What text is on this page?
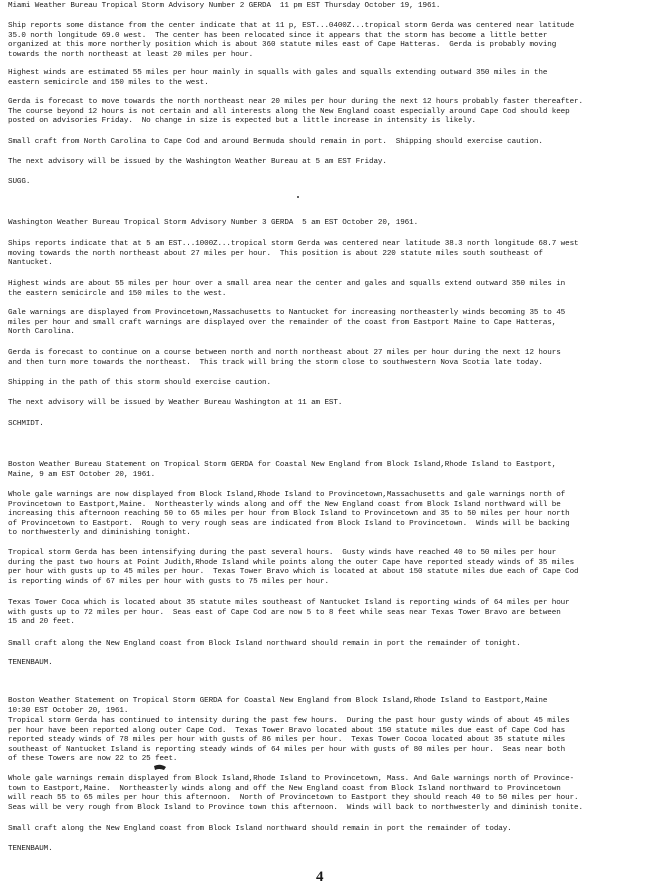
Miami Weather Bureau Tropical Storm Advisory Number 2 GERDA  11 pm EST Thursday October 19, 1961.

Ship reports some distance from the center indicate that at 11 p, EST...0400Z...tropical storm Gerda was centered near latitude
35.0 north longitude 69.0 west.  The center has been relocated since it appears that the storm has become a little better
organized at this more northerly position which is about 360 statute miles east of Cape Hatteras.  Gerda is probably moving
towards the north northeast at least 20 miles per hour.

Highest winds are estimated 55 miles per hour mainly in squalls with gales and squalls extending outward 350 miles in the
eastern semicircle and 150 miles to the west.

Gerda is forecast to move towards the north northeast near 20 miles per hour during the next 12 hours probably faster thereafter.
The course beyond 12 hours is not certain and all interests along the New England coast especially around Cape Cod should keep
posted on advisories Friday.  No change in size is expected but a little increase in intensity is likely.

Small craft from North Carolina to Cape Cod and around Bermuda should remain in port.  Shipping should exercise caution.

The next advisory will be issued by the Washington Weather Bureau at 5 am EST Friday.

SUGG.

Washington Weather Bureau Tropical Storm Advisory Number 3 GERDA  5 am EST October 20, 1961.

Ships reports indicate that at 5 am EST...1000Z...tropical storm Gerda was centered near latitude 38.3 north longitude 68.7 west
moving towards the north northeast about 27 miles per hour.  This position is about 220 statute miles south southeast of
Nantucket.

Highest winds are about 55 miles per hour over a small area near the center and gales and squalls extend outward 350 miles in
the eastern semicircle and 150 miles to the west.

Gale warnings are displayed from Provincetown,Massachusetts to Nantucket for increasing northeasterly winds becoming 35 to 45
miles per hour and small craft warnings are displayed over the remainder of the coast from Eastport Maine to Cape Hatteras,
North Carolina.

Gerda is forecast to continue on a course between north and north northeast about 27 miles per hour during the next 12 hours
and then turn more towards the northeast.  This track will bring the storm close to southwestern Nova Scotia late today.

Shipping in the path of this storm should exercise caution.

The next advisory will be issued by Weather Bureau Washington at 11 am EST.

SCHMIDT.

Boston Weather Bureau Statement on Tropical Storm GERDA for Coastal New England from Block Island,Rhode Island to Eastport,
Maine, 9 am EST October 20, 1961.

Whole gale warnings are now displayed from Block Island,Rhode Island to Provincetown,Massachusetts and gale warnings north of
Provincetown to Eastport,Maine.  Northeasterly winds along and off the New England coast from Block Island northward will be
increasing this afternoon reaching 50 to 65 miles per hour from Block Island to Provincetown and 35 to 50 miles per hour north
of Provincetown to Eastport.  Rough to very rough seas are indicated from Block Island to Provincetown.  Winds will be backing
to northwesterly and diminishing tonight.

Tropical storm Gerda has been intensifying during the past several hours.  Gusty winds have reached 40 to 50 miles per hour
during the past two hours at Point Judith,Rhode Island while points along the outer Cape have reported steady winds of 35 miles
per hour with gusts up to 45 miles per hour.  Texas Tower Bravo which is located at about 150 statute miles due each of Cape Cod
is reporting winds of 67 miles per hour with gusts to 75 miles per hour.

Texas Tower Coca which is located about 35 statute miles southeast of Nantucket Island is reporting winds of 64 miles per hour
with gusts up to 72 miles per hour.  Seas east of Cape Cod are now 5 to 8 feet while seas near Texas Tower Bravo are between
15 and 20 feet.

Small craft along the New England coast from Block Island northward should remain in port the remainder of tonight.

TENENBAUM.

Boston Weather Statement on Tropical Storm GERDA for Coastal New England from Block Island,Rhode Island to Eastport,Maine
10:30 EST October 20, 1961.

Tropical storm Gerda has continued to intensity during the past few hours.  During the past hour gusty winds of about 45 miles
per hour have been reported along outer Cape Cod.  Texas Tower Bravo located about 150 statute miles due east of Cape Cod has
reported steady winds of 78 miles per hour with gusts of 86 miles per hour.  Texas Tower Cocoa located about 35 statute miles
southeast of Nantucket Island is reporting steady winds of 64 miles per hour with gusts of 80 miles per hour.  Seas near both
of these Towers are now 22 to 25 feet.

Whole gale warnings remain displayed from Block Island,Rhode Island to Provincetown, Mass. And Gale warnings north of Province-
town to Eastport,Maine.  Northeasterly winds along and off the New England coast from Block Island northward to Provincetown
will reach 55 to 65 miles per hour this afternoon.  North of Provincetown to Eastport they should reach 40 to 50 miles per hour.
Seas will be very rough from Block Island to Province town this afternoon.  Winds will back to northwesterly and diminish tonite.

Small craft along the New England coast from Block Island northward should remain in port the remainder of today.

TENENBAUM.

4
